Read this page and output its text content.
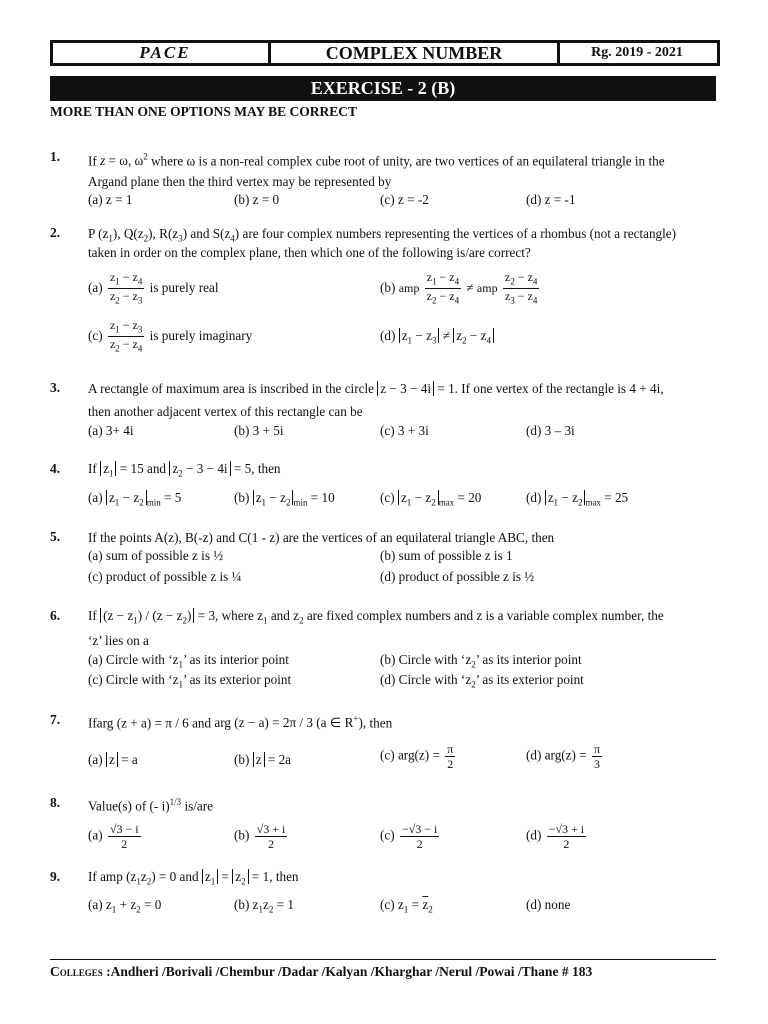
PACE	COMPLEX NUMBER	Rg. 2019 - 2021
EXERCISE - 2 (B)
MORE THAN ONE OPTIONS MAY BE CORRECT
1. If z = ω, $\omega^2$ where ω is a non-real complex cube root of unity, are two vertices of an equilateral triangle in the
Argand plane then the third vertex may be represented by
(a) z = 1	(b) z = 0	(c) z = -2	(d) z = -1
2. P $(z_1)$, $Q(z_2)$, $R(z_3)$ and $S(z_4)$ are four complex numbers representing the vertices of a rhombus (not a rectangle)
taken in order on the complex plane, then which one of the following is/are correct?
$(a) \frac{z_1 - z_4}{z_2 - z_3}$ is purely real	(b) amp $\frac{z_1 - z_4}{z_2 - z_4}$ ≠ amp $\frac{z_2 - z_4}{z_3 - z_4}$
$(c) \frac{z_1 - z_3}{z_2 - z_4}$ is purely imaginary	(d) $z_1 - z_3 \ne z_2 - z_4$
3. A rectangle of maximum area is inscribed in the circle z − 3 − 4i = 1. If one vertex of the rectangle is 4 + 4i,
then another adjacent vertex of this rectangle can be
(a) 3+ 4i	(b) 3 + 5i	(c) 3 + 3i	(d) 3 – 3i
4. If $z_1 = 15$ and $z_2 - 3 - 4i = 5$, then
(a) $z_1 - z_2$ $_{min}$ = 5	(b) $z_1 - z_2$ $_{min}$ = 10	(c) $z_1 - z_2$ $_{max}$ = 20	(d) $z_1 - z_2$ $_{max}$ = 25
5. If the points A(z), B(-z) and C(1 - z) are the vertices of an equilateral triangle ABC, then
(a) sum of possible z is ½	(b) sum of possible z is 1
(c) product of possible z is ¼	(d) product of possible z is ½
6. If $(z - z_1) / (z - z_2) = 3$, where $z_1$ and $z_2$ are fixed complex numbers and z is a variable complex number, the
‘z’ lies on a
(a) Circle with ‘$z_1$’ as its interior point	(b) Circle with ‘$z_2$’ as its interior point
(c) Circle with ‘$z_1$’ as its exterior point	(d) Circle with ‘$z_2$’ as its exterior point
7. Ifarg (z + a) = π / 6 and arg (z − a) = 2π / 3 (a ∈ R+), then
(a) z = a	(b) z = 2a	(c) $arg(z) = \frac{\pi}{2}$	(d) $arg(z) = \frac{\pi}{3}$
8. Value(s) of (- i)$^{1/3}$ is/are
$(a) \frac{√3 - i}{2}$	$(b) \frac{√3 + i}{2}$	$(c) \frac{-√3 - i}{2}$	$(d) \frac{-√3 + i}{2}$
9. If amp $(z_1z_2) = 0$ and $z_1 = z_2 = 1$, then
(a) $z_1 + z_2 = 0$	(b) $z_1z_2 = 1$	(c) $z_1 = \overline{z}_2$	(d) none
Colleges :Andheri /Borivali /Chembur /Dadar /Kalyan /Kharghar /Nerul /Powai /Thane # 183
